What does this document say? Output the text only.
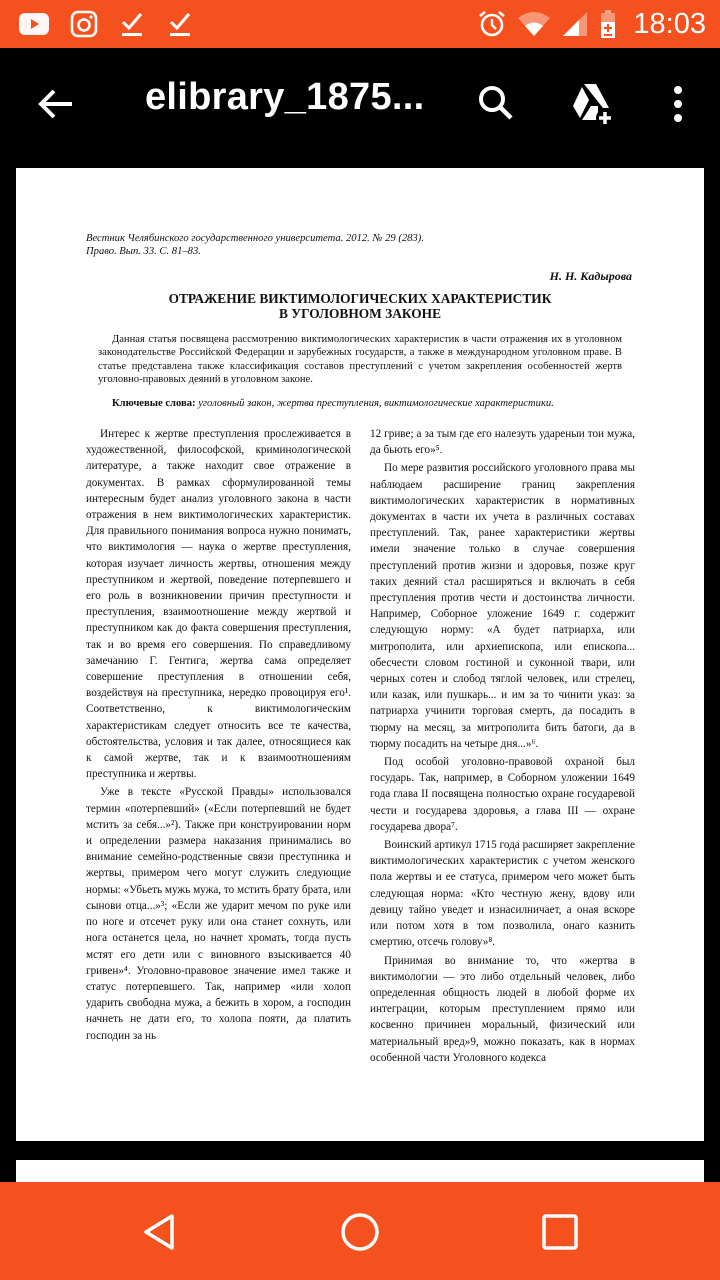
18:03
elibrary_1875...
Вестник Челябинского государственного университета. 2012. № 29 (283).
Право. Вып. 33. С. 81–83.
Н. Н. Кадырова
ОТРАЖЕНИЕ ВИКТИМОЛОГИЧЕСКИХ ХАРАКТЕРИСТИК
В УГОЛОВНОМ ЗАКОНЕ
Данная статья посвящена рассмотрению виктимологических характеристик в части отражения их в уголовном законодательстве Российской Федерации и зарубежных государств, а также в международном уголовном праве. В статье представлена также классификация составов преступлений с учетом закрепления особенностей жертв уголовно-правовых деяний в уголовном законе.
Ключевые слова: уголовный закон, жертва преступления, виктимологические характеристики.

Интерес к жертве преступления прослеживается в художественной, философской, криминологической литературе, а также находит свое отражение в документах. В рамках сформулированной темы интересным будет анализ уголовного закона в части отражения в нем виктимологических характеристик. Для правильного понимания вопроса нужно понимать, что виктимология — наука о жертве преступления, которая изучает личность жертвы, отношения между преступником и жертвой, поведение потерпевшего и его роль в возникновении причин преступности и преступления, взаимоотношение между жертвой и преступником как до факта совершения преступления, так и во время его совершения. По справедливому замечанию Г. Гентига, жертва сама определяет совершение преступления в отношении себя, воздействуя на преступника, нередко провоцируя его¹. Соответственно, к виктимологическим характеристикам следует относить все те качества, обстоятельства, условия и так далее, относящиеся как к самой жертве, так и к взаимоотношениям преступника и жертвы.

Уже в тексте «Русской Правды» использовался термин «потерпевший» («Если потерпевший не будет мстить за себя...»²). Также при конструировании норм и определении размера наказания принимались во внимание семейно-родственные связи преступника и жертвы, примером чего могут служить следующие нормы: «Убьеть мужь мужа, то мстить брату брата, или сынови отца...»³; «Если же ударит мечом по руке или по ноге и отсечет руку или она станет сохнуть, или нога останется цела, но начнет хромать, тогда пусть мстят его дети или с виновного взыскивается 40 гривен»⁴. Уголовно-правовое значение имел также и статус потерпевшего. Так, например «или холоп ударить свободна мужа, а бежить в хором, а господин начнеть не дати его, то холопа пояти, да платить господин за нь

12 гриве; а за тым где его налезуть удареныи тои мужа, да бьють его»⁵.

По мере развития российского уголовного права мы наблюдаем расширение границ закрепления виктимологических характеристик в нормативных документах в части их учета в различных составах преступлений. Так, ранее характеристики жертвы имели значение только в случае совершения преступлений против жизни и здоровья, позже круг таких деяний стал расширяться и включать в себя преступления против чести и достоинства личности. Например, Соборное уложение 1649 г. содержит следующую норму: «А будет патриарха, или митрополита, или архиепископа, или епископа... обесчести словом гостиной и суконной твари, или черных сотен и слобод тяглой человек, или стрелец, или казак, или пушкарь... и им за то чинити указ: за патриарха учинити торговая смерть, да посадить в тюрму на месяц, за митрополита бить батоги, да в тюрму посадить на четыре дня...»⁶.

Под особой уголовно-правовой охраной был государь. Так, например, в Соборном уложении 1649 года глава II посвящена полностью охране государевой чести и государева здоровья, а глава III — охране государева двора⁷.

Воинский артикул 1715 года расширяет закрепление виктимологических характеристик с учетом женского пола жертвы и ее статуса, примером чего может быть следующая норма: «Кто честную жену, вдову или девицу тайно уведет и изнасилничает, а оная вскоре или потом хотя в том позволила, онаго казнить смертию, отсечь голову»⁸.

Принимая во внимание то, что «жертва в виктимологии — это либо отдельный человек, либо определенная общность людей в любой форме их интеграции, которым преступлением прямо или косвенно причинен моральный, физический или материальный вред»9, можно показать, как в нормах особенной части Уголовного кодекса
